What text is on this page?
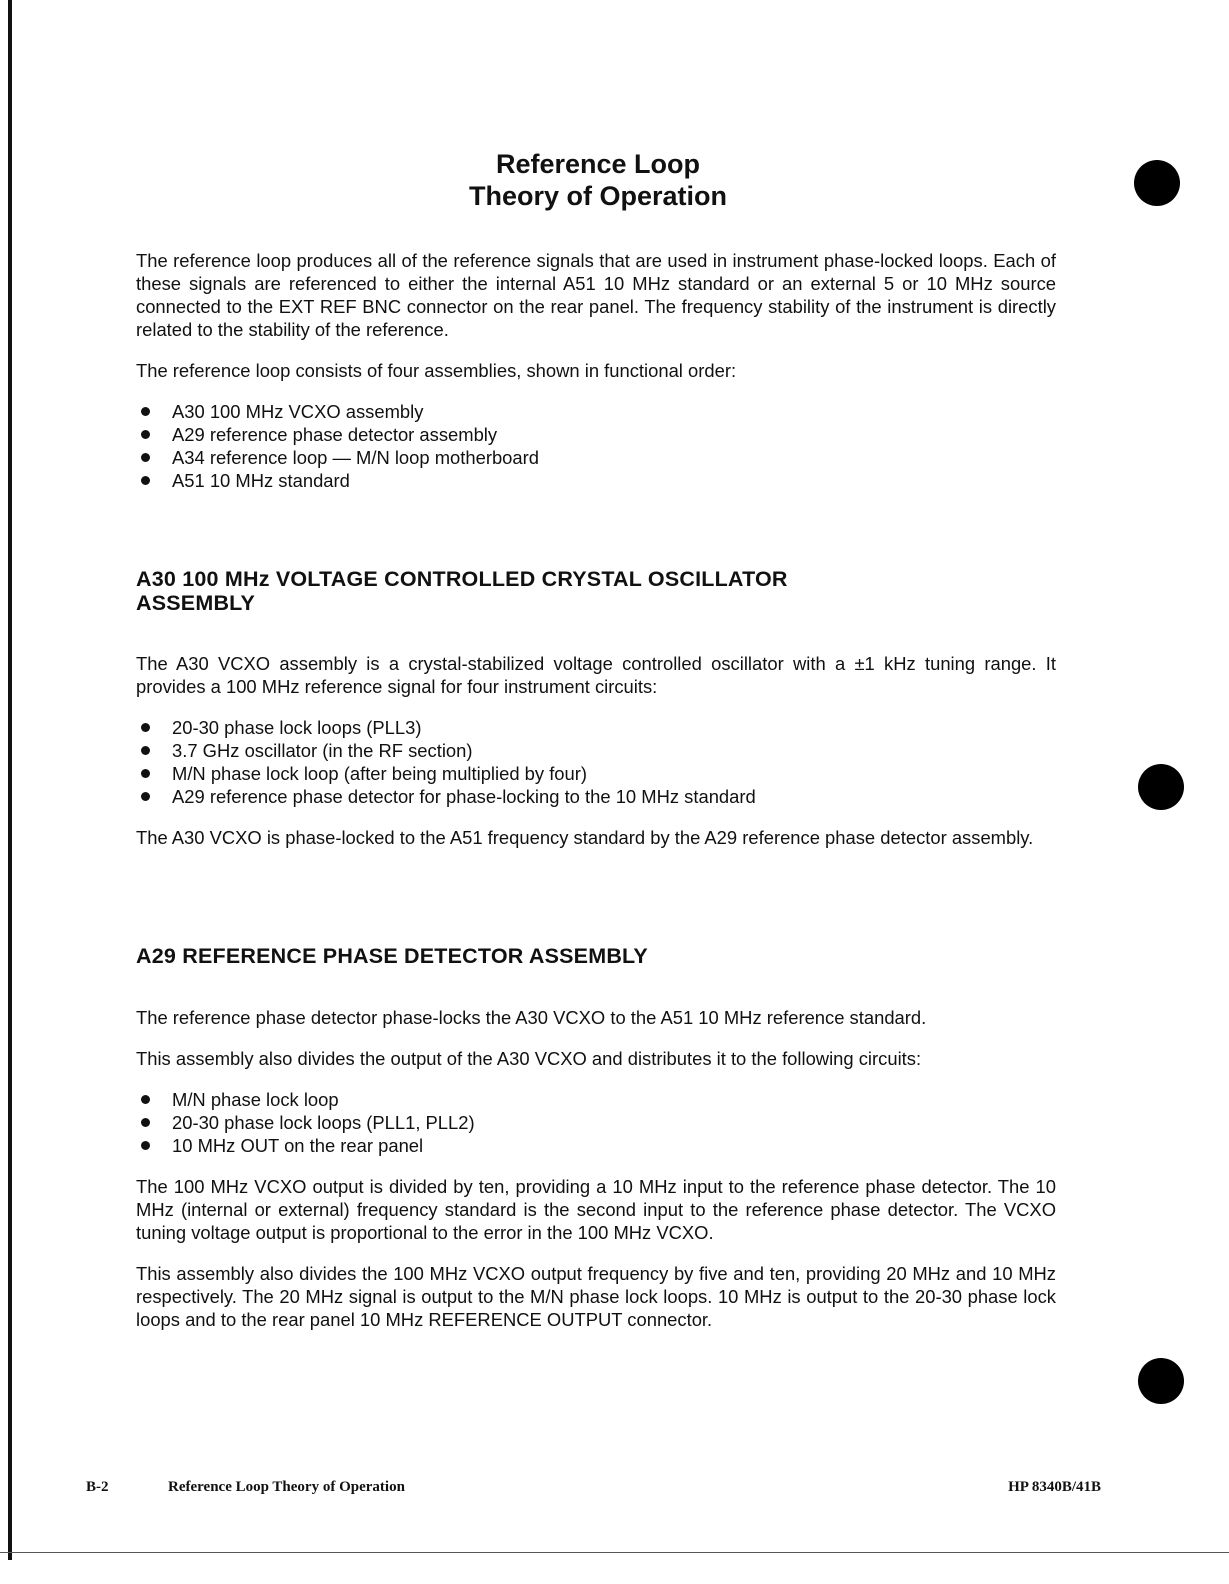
Reference Loop
Theory of Operation

The reference loop produces all of the reference signals that are used in instrument phase-locked loops. Each of these signals are referenced to either the internal A51 10 MHz standard or an external 5 or 10 MHz source connected to the EXT REF BNC connector on the rear panel. The frequency stability of the instrument is directly related to the stability of the reference.

The reference loop consists of four assemblies, shown in functional order:

A30 100 MHz VCXO assembly
A29 reference phase detector assembly
A34 reference loop — M/N loop motherboard
A51 10 MHz standard
A30 100 MHz VOLTAGE CONTROLLED CRYSTAL OSCILLATOR
ASSEMBLY

The A30 VCXO assembly is a crystal-stabilized voltage controlled oscillator with a ±1 kHz tuning range. It provides a 100 MHz reference signal for four instrument circuits:

20-30 phase lock loops (PLL3)
3.7 GHz oscillator (in the RF section)
M/N phase lock loop (after being multiplied by four)
A29 reference phase detector for phase-locking to the 10 MHz standard

The A30 VCXO is phase-locked to the A51 frequency standard by the A29 reference phase detector assembly.

A29 REFERENCE PHASE DETECTOR ASSEMBLY

The reference phase detector phase-locks the A30 VCXO to the A51 10 MHz reference standard.

This assembly also divides the output of the A30 VCXO and distributes it to the following circuits:

M/N phase lock loop
20-30 phase lock loops (PLL1, PLL2)
10 MHz OUT on the rear panel

The 100 MHz VCXO output is divided by ten, providing a 10 MHz input to the reference phase detector. The 10 MHz (internal or external) frequency standard is the second input to the reference phase detector. The VCXO tuning voltage output is proportional to the error in the 100 MHz VCXO.

This assembly also divides the 100 MHz VCXO output frequency by five and ten, providing 20 MHz and 10 MHz respectively. The 20 MHz signal is output to the M/N phase lock loops. 10 MHz is output to the 20-30 phase lock loops and to the rear panel 10 MHz REFERENCE OUTPUT connector.

B-2	Reference Loop Theory of Operation	HP 8340B/41B
